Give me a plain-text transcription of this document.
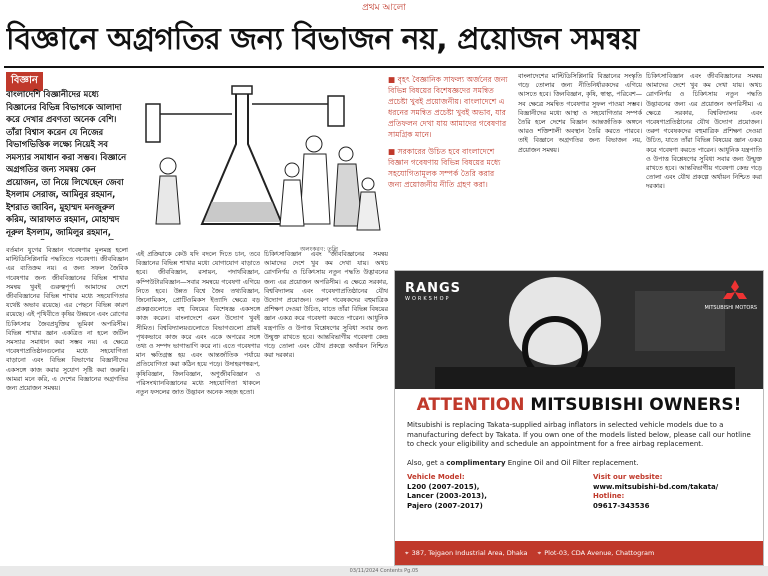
প্রথম আলো
বিজ্ঞানে অগ্রগতির জন্য বিভাজন নয়, প্রয়োজন সমন্বয়
বিজ্ঞান
বাংলাদেশি বিজ্ঞানীদের মধ্যে বিজ্ঞানের বিভিন্ন বিভাগকে আলাদা করে দেখার প্রবণতা অনেক বেশি। তাঁরা বিশ্বাস করেন যে নিজের বিভাগভিত্তিক লক্ষ্যে নিয়েই সব সমস্যার সমাধান করা সম্ভব। বিজ্ঞানে অগ্রগতির জন্য সমন্বয় কেন প্রয়োজন, তা নিয়ে লিখেছেন জেবা ইসলাম সেরাজ, আমিনুর রহমান, ইশরাত জাবিন, মুহাম্মদ মনজুরুল করিম, আরাফাত রহমান, মোহাম্মদ নূরুল ইসলাম, জামিলুর রহমান,
অলংকরণ: তুলি

■ বৃহৎ বৈজ্ঞানিক সাফল্য অর্জনের জন্য বিভিন্ন বিষয়ের বিশেষজ্ঞদের সমন্বিত প্রচেষ্টা খুবই প্রয়োজনীয়। বাংলাদেশে এ ধরনের সমন্বিত প্রচেষ্টা খুবই অভাব, যার প্রতিফলন দেখা যায় আমাদের গবেষণার সামগ্রিক মানে।

■ সরকারের উচিত হবে বাংলাদেশে বিজ্ঞান গবেষণায় বিভিন্ন বিষয়ের মধ্যে সহযোগিতামূলক সম্পর্ক তৈরি করার জন্য প্রয়োজনীয় নীতি গ্রহণ করা।

বর্তমান যুগের বিজ্ঞান গবেষণার মূলমন্ত্র হলো মাল্টিডিসিপ্লিনারি পদ্ধতিতে গবেষণা। জীববিজ্ঞান এর ব্যতিক্রম নয়। এ জন্য সফল জৈবিক গবেষণার জন্য জীববিজ্ঞানের বিভিন্ন শাখার সমন্বয় খুবই গুরুত্বপূর্ণ। আমাদের দেশে জীববিজ্ঞানের বিভিন্ন শাখার মধ্যে সহযোগিতার যথেষ্ট অভাব রয়েছে। এর পেছনে বিভিন্ন কারণ রয়েছে। এই পৃথিবীতে কৃষির উন্নয়নে এবং রোগের চিকিৎসায় জৈবপ্রযুক্তির ভূমিকা অপরিসীম। বিভিন্ন শাখার জ্ঞান একত্রিত না হলে জটিল সমস্যার সমাধান করা সম্ভব নয়। এ ক্ষেত্রে গবেষণাপ্রতিষ্ঠানগুলোর মধ্যে সহযোগিতা বাড়ানো এবং বিভিন্ন বিভাগের বিজ্ঞানীদের একসঙ্গে কাজ করার সুযোগ সৃষ্টি করা জরুরি। আমরা মনে করি, এ দেশের বিজ্ঞানের অগ্রগতির জন্য প্রয়োজন সমন্বয়।
এই প্রক্রিয়াকে কেউ যদি বদলে দিতে চান, তবে বিজ্ঞানের বিভিন্ন শাখার মধ্যে যোগাযোগ বাড়াতে হবে। জীববিজ্ঞান, রসায়ন, পদার্থবিজ্ঞান, কম্পিউটারবিজ্ঞান—সবার সমন্বয়ে গবেষণা এগিয়ে নিতে হবে। উন্নত বিশ্বে জৈব তথ্যবিজ্ঞান, জিনোমিকস, প্রোটিওমিকস ইত্যাদি ক্ষেত্রে বড় প্রকল্পগুলোতে বহু বিষয়ের বিশেষজ্ঞ একসঙ্গে কাজ করেন। বাংলাদেশে এমন উদ্যোগ খুবই সীমিত। বিশ্ববিদ্যালয়গুলোতে বিভাগগুলো প্রায়ই পৃথকভাবে কাজ করে এবং একে অপরের সঙ্গে তথ্য ও সম্পদ ভাগাভাগি করে না। এতে গবেষণার মান ক্ষতিগ্রস্ত হয় এবং আন্তর্জাতিক পর্যায়ে প্রতিযোগিতা করা কঠিন হয়ে পড়ে। উদাহরণস্বরূপ, কৃষিবিজ্ঞান, জিনবিজ্ঞান, অণুজীববিজ্ঞান ও পরিসংখ্যানবিজ্ঞানের মধ্যে সহযোগিতা থাকলে নতুন ফসলের জাত উদ্ভাবন অনেক সহজ হতো।
চিকিৎসাবিজ্ঞান এবং জীববিজ্ঞানের সমন্বয় আমাদের দেশে খুব কম দেখা যায়। অথচ রোগনির্ণয় ও চিকিৎসায় নতুন পদ্ধতি উদ্ভাবনের জন্য এর প্রয়োজন অপরিসীম। এ ক্ষেত্রে সরকার, বিশ্ববিদ্যালয় এবং গবেষণাপ্রতিষ্ঠানের যৌথ উদ্যোগ প্রয়োজন। তরুণ গবেষকদের বহুমাত্রিক প্রশিক্ষণ দেওয়া উচিত, যাতে তাঁরা বিভিন্ন বিষয়ের জ্ঞান একত্র করে গবেষণা করতে পারেন। আধুনিক যন্ত্রপাতি ও উপাত্ত বিশ্লেষণের সুবিধা সবার জন্য উন্মুক্ত রাখতে হবে। আন্তবিভাগীয় গবেষণা কেন্দ্র গড়ে তোলা এবং যৌথ প্রকল্পে অর্থায়ন নিশ্চিত করা দরকার।
বাংলাদেশের মাল্টিডিসিপ্লিনারি বিজ্ঞানের সংস্কৃতি গড়ে তোলার জন্য নীতিনির্ধারকদের এগিয়ে আসতে হবে। জিনবিজ্ঞান, কৃষি, স্বাস্থ্য, পরিবেশ—সব ক্ষেত্রে সমন্বিত গবেষণার সুফল পাওয়া সম্ভব। বিজ্ঞানীদের মধ্যে আস্থা ও সহযোগিতার সম্পর্ক তৈরি হলে দেশের বিজ্ঞান আন্তর্জাতিক অঙ্গনে আরও শক্তিশালী অবস্থান তৈরি করতে পারবে। তাই বিজ্ঞানে অগ্রগতির জন্য বিভাজন নয়, প্রয়োজন সমন্বয়।
চিকিৎসাবিজ্ঞান এবং জীববিজ্ঞানের সমন্বয় আমাদের দেশে খুব কম দেখা যায়। অথচ রোগনির্ণয় ও চিকিৎসায় নতুন পদ্ধতি উদ্ভাবনের জন্য এর প্রয়োজন অপরিসীম। এ ক্ষেত্রে সরকার, বিশ্ববিদ্যালয় এবং গবেষণাপ্রতিষ্ঠানের যৌথ উদ্যোগ প্রয়োজন। তরুণ গবেষকদের বহুমাত্রিক প্রশিক্ষণ দেওয়া উচিত, যাতে তাঁরা বিভিন্ন বিষয়ের জ্ঞান একত্র করে গবেষণা করতে পারেন। আধুনিক যন্ত্রপাতি ও উপাত্ত বিশ্লেষণের সুবিধা সবার জন্য উন্মুক্ত রাখতে হবে। আন্তবিভাগীয় গবেষণা কেন্দ্র গড়ে তোলা এবং যৌথ প্রকল্পে অর্থায়ন নিশ্চিত করা দরকার।
RANGS
WORKSHOP
MITSUBISHI MOTORS
ATTENTION MITSUBISHI OWNERS!
Mitsubishi is replacing Takata-supplied airbag inflators in selected vehicle models due to a manufacturing defect by Takata. If you own one of the models listed below, please call our hotline to check your eligibility and schedule an appointment for a free airbag replacement.
Also, get a complimentary Engine Oil and Oil Filter replacement.
Vehicle Model:
L200 (2007-2015),
Lancer (2003-2013),
Pajero (2007-2017)
Visit our website:
www.mitsubishi-bd.com/takata/
Hotline:
09617-343536
⌖ 387, Tejgaon Industrial Area, Dhaka ⌖ Plot-03, CDA Avenue, Chattogram
03/11/2024 Contents Pg.05
